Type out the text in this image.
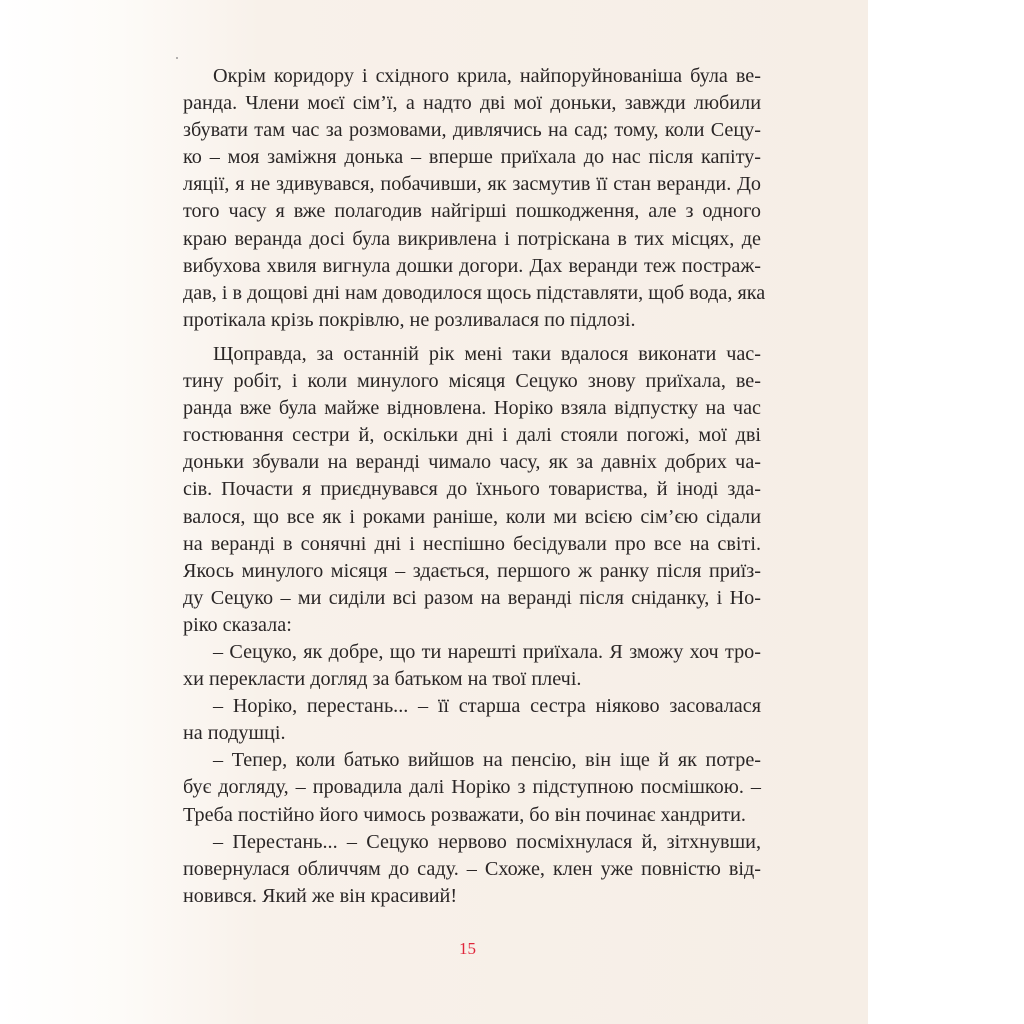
Окрім коридору і східного крила, найпоруйнованіша була ве-
ранда. Члени моєї сім’ї, а надто дві мої доньки, завжди любили
збувати там час за розмовами, дивлячись на сад; тому, коли Сецу-
ко – моя заміжня донька – вперше приїхала до нас після капіту-
ляції, я не здивувався, побачивши, як засмутив її стан веранди. До
того часу я вже полагодив найгірші пошкодження, але з одного
краю веранда досі була викривлена і потріскана в тих місцях, де
вибухова хвиля вигнула дошки догори. Дах веранди теж постраж-
дав, і в дощові дні нам доводилося щось підставляти, щоб вода, яка
протікала крізь покрівлю, не розливалася по підлозі.
Щоправда, за останній рік мені таки вдалося виконати час-
тину робіт, і коли минулого місяця Сецуко знову приїхала, ве-
ранда вже була майже відновлена. Норіко взяла відпустку на час
гостювання сестри й, оскільки дні і далі стояли погожі, мої дві
доньки збували на веранді чимало часу, як за давніх добрих ча-
сів. Почасти я приєднувався до їхнього товариства, й іноді зда-
валося, що все як і роками раніше, коли ми всією сім’єю сідали
на веранді в сонячні дні і неспішно бесідували про все на світі.
Якось минулого місяця – здається, першого ж ранку після приїз-
ду Сецуко – ми сиділи всі разом на веранді після сніданку, і Но-
ріко сказала:
– Сецуко, як добре, що ти нарешті приїхала. Я зможу хоч тро-
хи перекласти догляд за батьком на твої плечі.
– Норіко, перестань... – її старша сестра ніяково засовалася
на подушці.
– Тепер, коли батько вийшов на пенсію, він іще й як потре-
бує догляду, – провадила далі Норіко з підступною посмішкою. –
Треба постійно його чимось розважати, бо він починає хандрити.
– Перестань... – Сецуко нервово посміхнулася й, зітхнувши,
повернулася обличчям до саду. – Схоже, клен уже повністю від-
новився. Який же він красивий!
15
